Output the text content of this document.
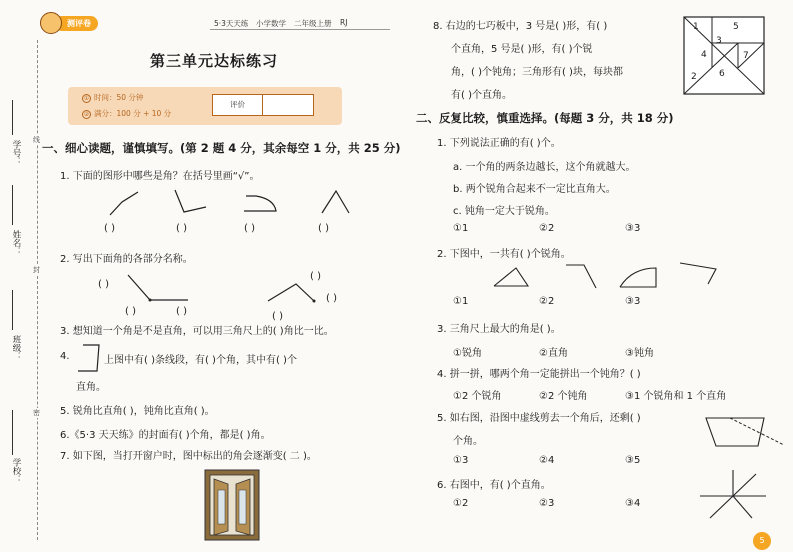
测评卷	5·3天天练 小学数学 二年级上册 RJ
第三单元达标练习
① 时间：50 分钟
② 满分：100 分 + 10 分
评价
学号：
姓名：
班级：
学校：
线
封
密
一、细心读题，谨慎填写。(第 2 题 4 分，其余每空 1 分，共 25 分)
1. 下面的图形中哪些是角？在括号里画“√”。
( )	( )	( )	( )
2. 写出下面角的各部分名称。
( )
( )	( )
( )
( )
( )
3. 想知道一个角是不是直角，可以用三角尺上的( )角比一比。
4.	上图中有( )条线段，有( )个角，其中有( )个
直角。
5. 锐角比直角( )，钝角比直角( )。
6.《5·3 天天练》的封面有( )个角，都是( )角。
7. 如下图，当打开窗户时，图中标出的角会逐渐变( 二 )。
8. 右边的七巧板中，3 号是( )形，有( )
个直角，5 号是( )形，有( )个锐
角，( )个钝角；三角形有( )块，每块都
有( )个直角。
1	5
3
4	7
2 6
二、反复比较，慎重选择。(每题 3 分，共 18 分)
1. 下列说法正确的有( )个。
a. 一个角的两条边越长，这个角就越大。
b. 两个锐角合起来不一定比直角大。
c. 钝角一定大于锐角。
①1	②2	③3
2. 下图中，一共有( )个锐角。
①1	②2	③3
3. 三角尺上最大的角是( )。
①锐角	②直角	③钝角
4. 拼一拼，哪两个角一定能拼出一个钝角？( )
①2 个锐角	②2 个钝角	③1 个锐角和 1 个直角
5. 如右图，沿图中虚线剪去一个角后，还剩( )
个角。
①3	②4	③5
6. 右图中，有( )个直角。
①2	②3	③4
5
